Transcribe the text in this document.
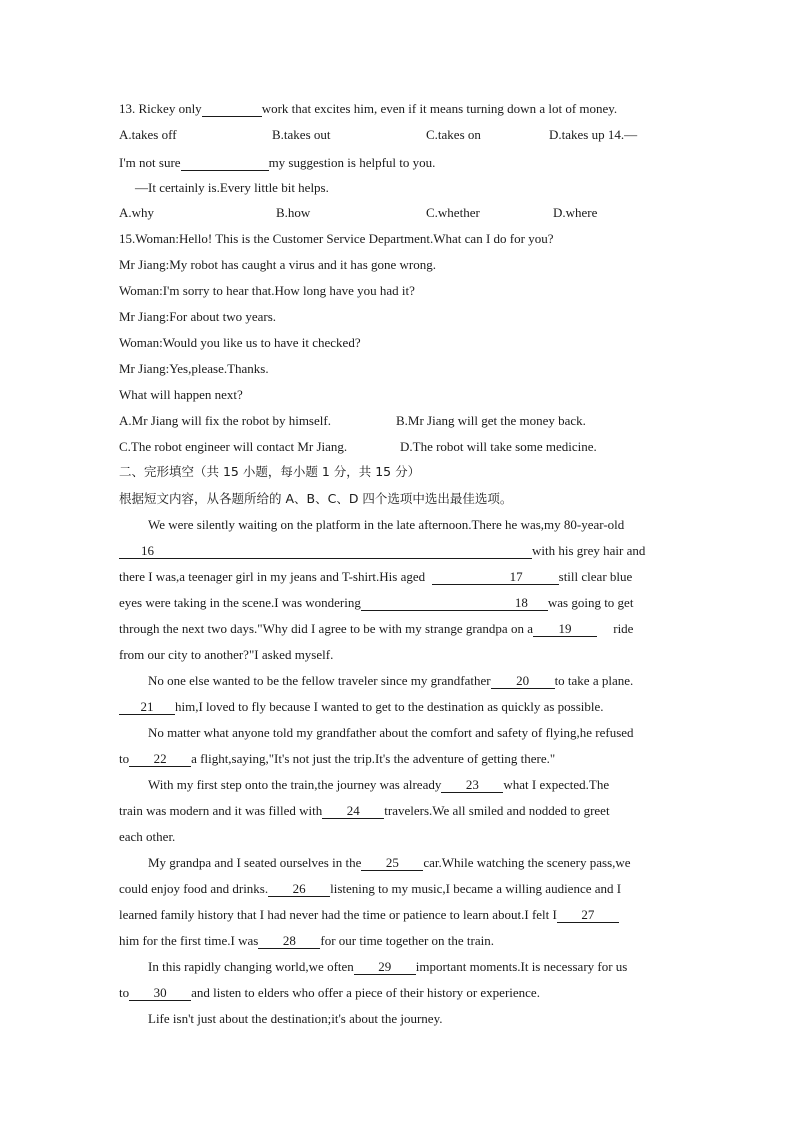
13. Rickey only	work that excites him, even if it means turning down a lot of money.
A.takes off	B.takes out	C.takes on	D.takes up 14.—
I'm not sure	my suggestion is helpful to you.
—It certainly is.Every little bit helps.
A.why	B.how	C.whether	D.where
15.Woman:Hello! This is the Customer Service Department.What can I do for you?
Mr Jiang:My robot has caught a virus and it has gone wrong.
Woman:I'm sorry to hear that.How long have you had it?
Mr Jiang:For about two years.
Woman:Would you like us to have it checked?
Mr Jiang:Yes,please.Thanks.
What will happen next?
A.Mr Jiang will fix the robot by himself.	B.Mr Jiang will get the money back.
C.The robot engineer will contact Mr Jiang.	D.The robot will take some medicine.
二、完形填空（共 15 小题，每小题 1 分，共 15 分）
根据短文内容，从各题所给的 A、B、C、D 四个选项中选出最佳选项。
We were silently waiting on the platform in the late afternoon.There he was,my 80-year-old
16	with his grey hair and
there I was,a teenager girl in my jeans and T-shirt.His aged	17	still clear blue
eyes were taking in the scene.I was wondering	18 was going to get
through the next two days."Why did I agree to be with my strange grandpa on a 19	ride
from our city to another?"I asked myself.
No one else wanted to be the fellow traveler since my grandfather 20 to take a plane.
21 him,I loved to fly because I wanted to get to the destination as quickly as possible.
No matter what anyone told my grandfather about the comfort and safety of flying,he refused
to 22 a flight,saying,"It's not just the trip.It's the adventure of getting there."
With my first step onto the train,the journey was already 23 what I expected.The
train was modern and it was filled with 24 travelers.We all smiled and nodded to greet
each other.
My grandpa and I seated ourselves in the 25 car.While watching the scenery pass,we
could enjoy food and drinks. 26 listening to my music,I became a willing audience and I
learned family history that I had never had the time or patience to learn about.I felt I 27
him for the first time.I was 28 for our time together on the train.
In this rapidly changing world,we often 29 important moments.It is necessary for us
to 30 and listen to elders who offer a piece of their history or experience.
Life isn't just about the destination;it's about the journey.
